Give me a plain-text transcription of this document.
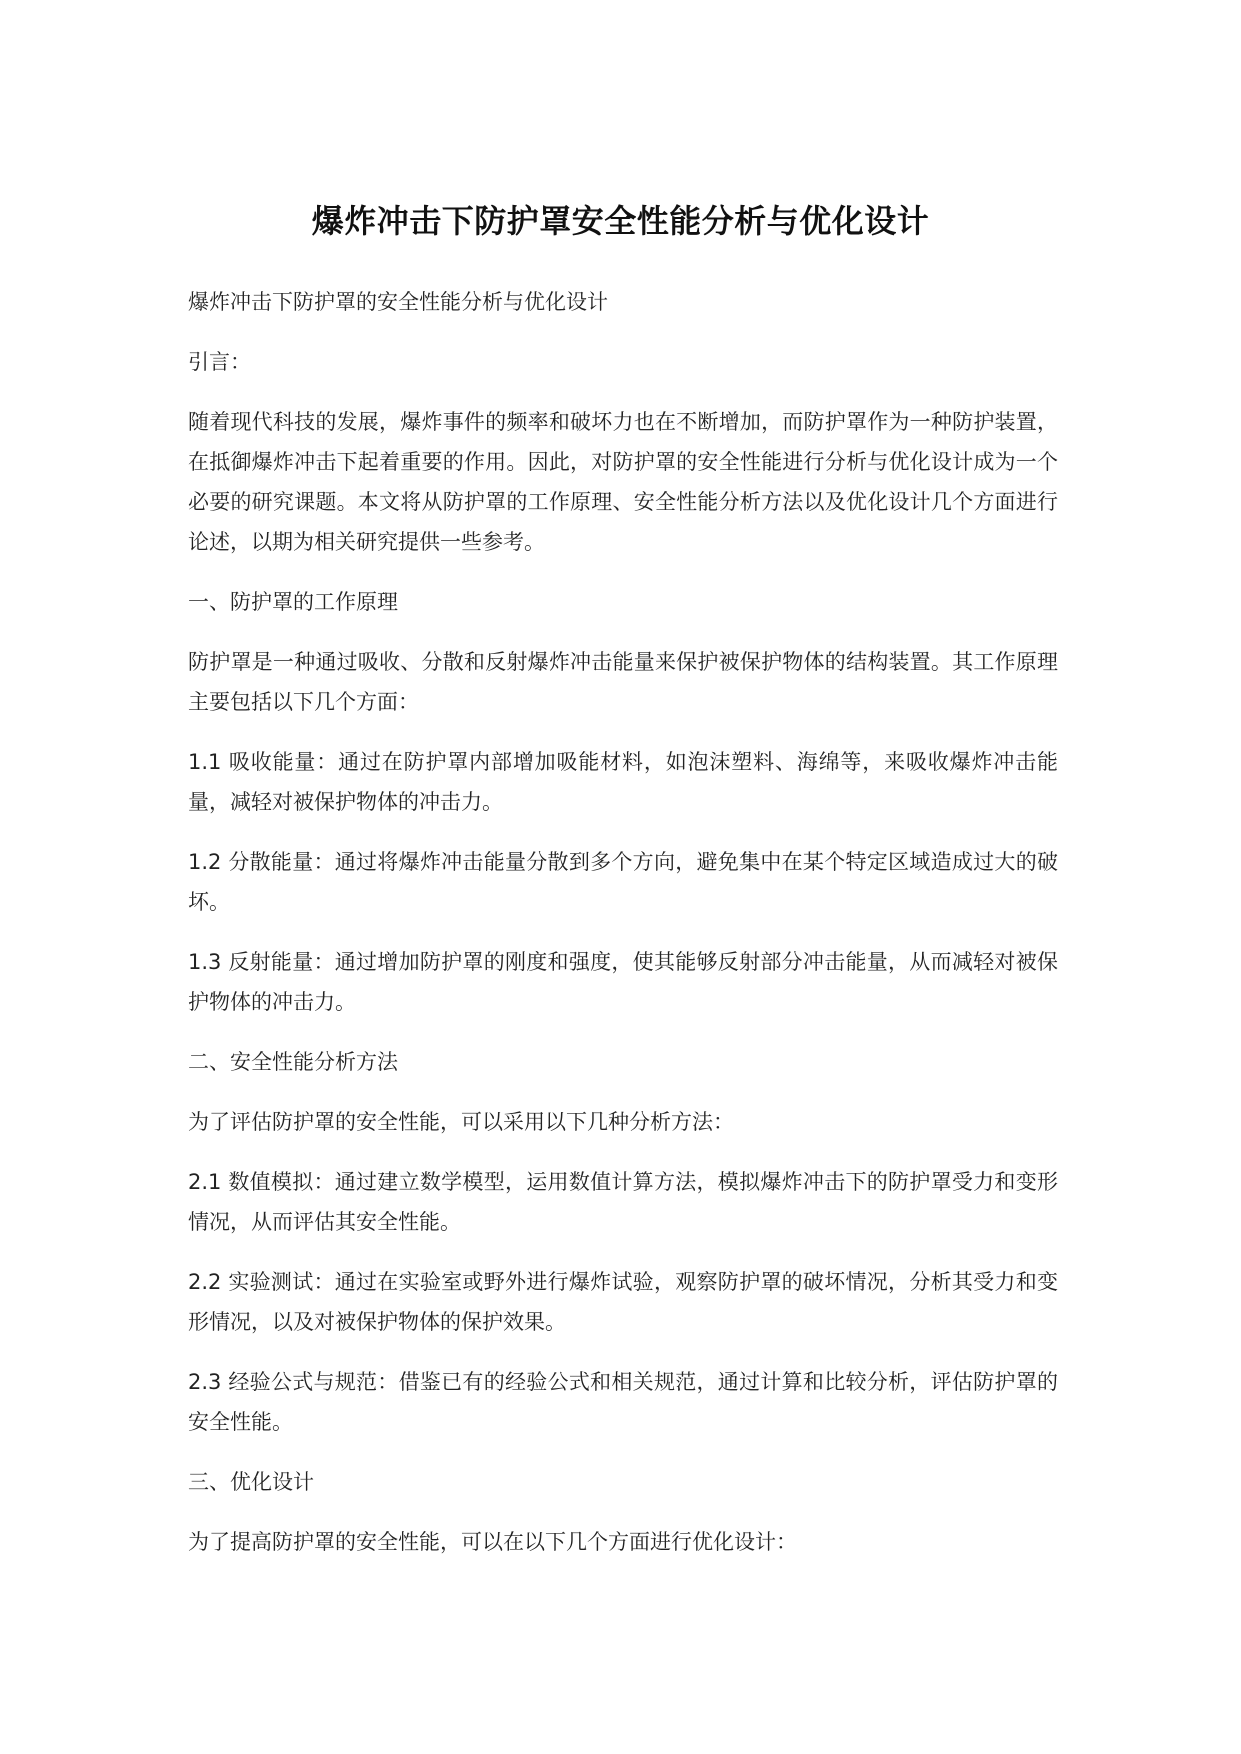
爆炸冲击下防护罩安全性能分析与优化设计

爆炸冲击下防护罩的安全性能分析与优化设计

引言：

随着现代科技的发展，爆炸事件的频率和破坏力也在不断增加，而防护罩作为一种防护装置，在抵御爆炸冲击下起着重要的作用。因此，对防护罩的安全性能进行分析与优化设计成为一个必要的研究课题。本文将从防护罩的工作原理、安全性能分析方法以及优化设计几个方面进行论述，以期为相关研究提供一些参考。

一、防护罩的工作原理

防护罩是一种通过吸收、分散和反射爆炸冲击能量来保护被保护物体的结构装置。其工作原理主要包括以下几个方面：

1.1 吸收能量：通过在防护罩内部增加吸能材料，如泡沫塑料、海绵等，来吸收爆炸冲击能量，减轻对被保护物体的冲击力。

1.2 分散能量：通过将爆炸冲击能量分散到多个方向，避免集中在某个特定区域造成过大的破坏。

1.3 反射能量：通过增加防护罩的刚度和强度，使其能够反射部分冲击能量，从而减轻对被保护物体的冲击力。

二、安全性能分析方法

为了评估防护罩的安全性能，可以采用以下几种分析方法：

2.1 数值模拟：通过建立数学模型，运用数值计算方法，模拟爆炸冲击下的防护罩受力和变形情况，从而评估其安全性能。

2.2 实验测试：通过在实验室或野外进行爆炸试验，观察防护罩的破坏情况，分析其受力和变形情况，以及对被保护物体的保护效果。

2.3 经验公式与规范：借鉴已有的经验公式和相关规范，通过计算和比较分析，评估防护罩的安全性能。

三、优化设计

为了提高防护罩的安全性能，可以在以下几个方面进行优化设计：
